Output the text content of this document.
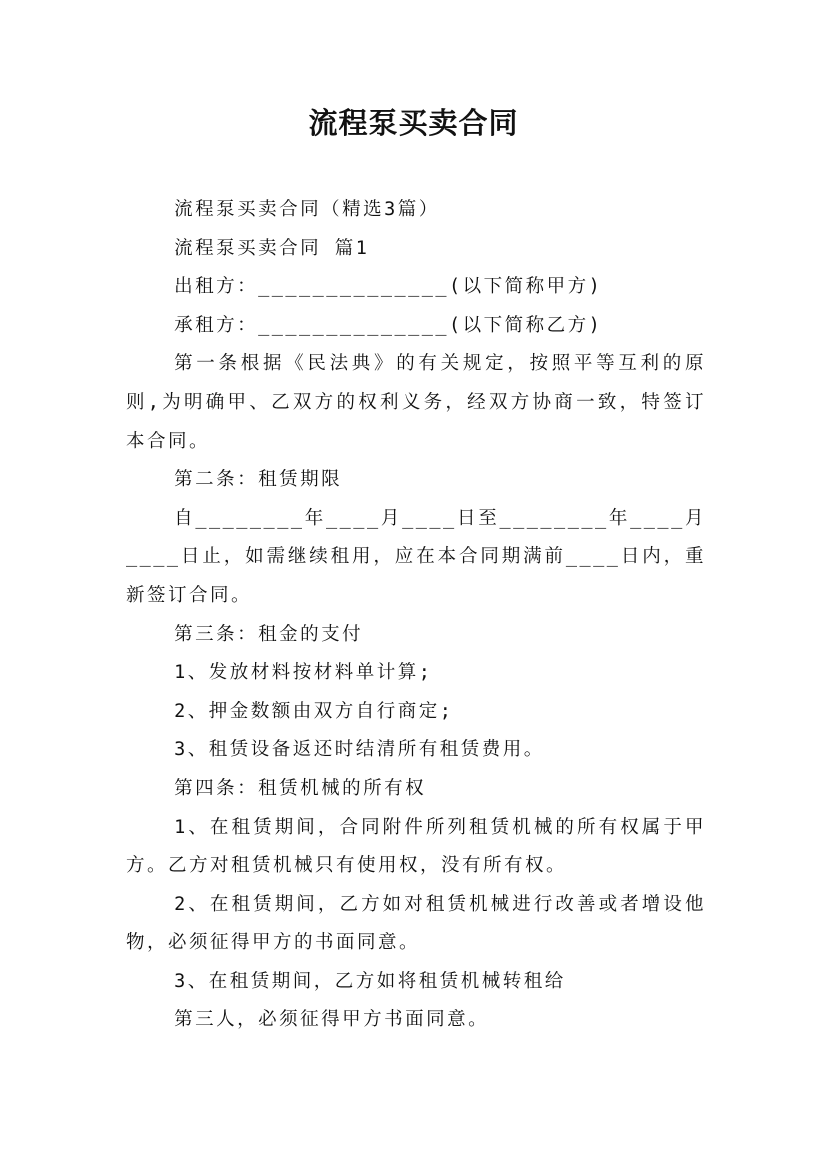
流程泵买卖合同

流程泵买卖合同（精选3篇）

流程泵买卖合同 篇1

出租方：______________(以下简称甲方)

承租方：______________(以下简称乙方)

第一条根据《民法典》的有关规定，按照平等互利的原则,为明确甲、乙双方的权利义务，经双方协商一致，特签订本合同。

第二条：租赁期限

自________年____月____日至________年____月____日止，如需继续租用，应在本合同期满前____日内，重新签订合同。

第三条：租金的支付

1、发放材料按材料单计算;

2、押金数额由双方自行商定;

3、租赁设备返还时结清所有租赁费用。

第四条：租赁机械的所有权

1、在租赁期间，合同附件所列租赁机械的所有权属于甲方。乙方对租赁机械只有使用权，没有所有权。

2、在租赁期间，乙方如对租赁机械进行改善或者增设他物，必须征得甲方的书面同意。

3、在租赁期间，乙方如将租赁机械转租给

第三人，必须征得甲方书面同意。
